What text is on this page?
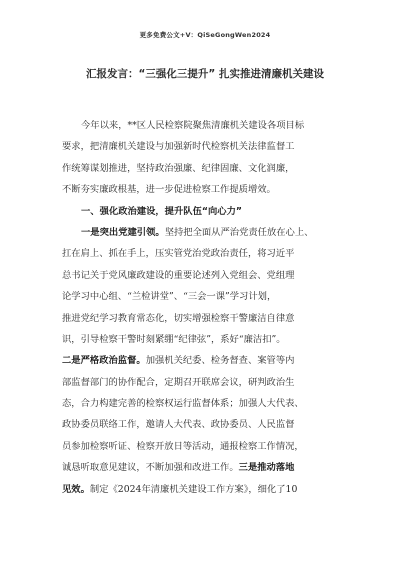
更多免费公文+V：QiSeGongWen2024
汇报发言：“三强化三提升” 扎实推进清廉机关建设
今年以来，**区人民检察院聚焦清廉机关建设各项目标
要求，把清廉机关建设与加强新时代检察机关法律监督工
作统筹谋划推进，坚持政治强廉、纪律固廉、文化润廉，
不断夯实廉政根基，进一步促进检察工作提质增效。
一、强化政治建设，提升队伍“向心力”
一是突出党建引领。坚持把全面从严治党责任放在心上、
扛在肩上、抓在手上，压实管党治党政治责任，将习近平
总书记关于党风廉政建设的重要论述列入党组会、党组理
论学习中心组、“兰检讲堂”、“三会一课”学习计划，
推进党纪学习教育常态化，切实增强检察干警廉洁自律意
识，引导检察干警时刻紧绷“纪律弦”，系好“廉洁扣”。
二是严格政治监督。加强机关纪委、检务督查、案管等内
部监督部门的协作配合，定期召开联席会议，研判政治生
态，合力构建完善的检察权运行监督体系；加强人大代表、
政协委员联络工作，邀请人大代表、政协委员、人民监督
员参加检察听证、检察开放日等活动，通报检察工作情况，
诚恳听取意见建议，不断加强和改进工作。三是推动落地
见效。制定《2024年清廉机关建设工作方案》，细化了10
